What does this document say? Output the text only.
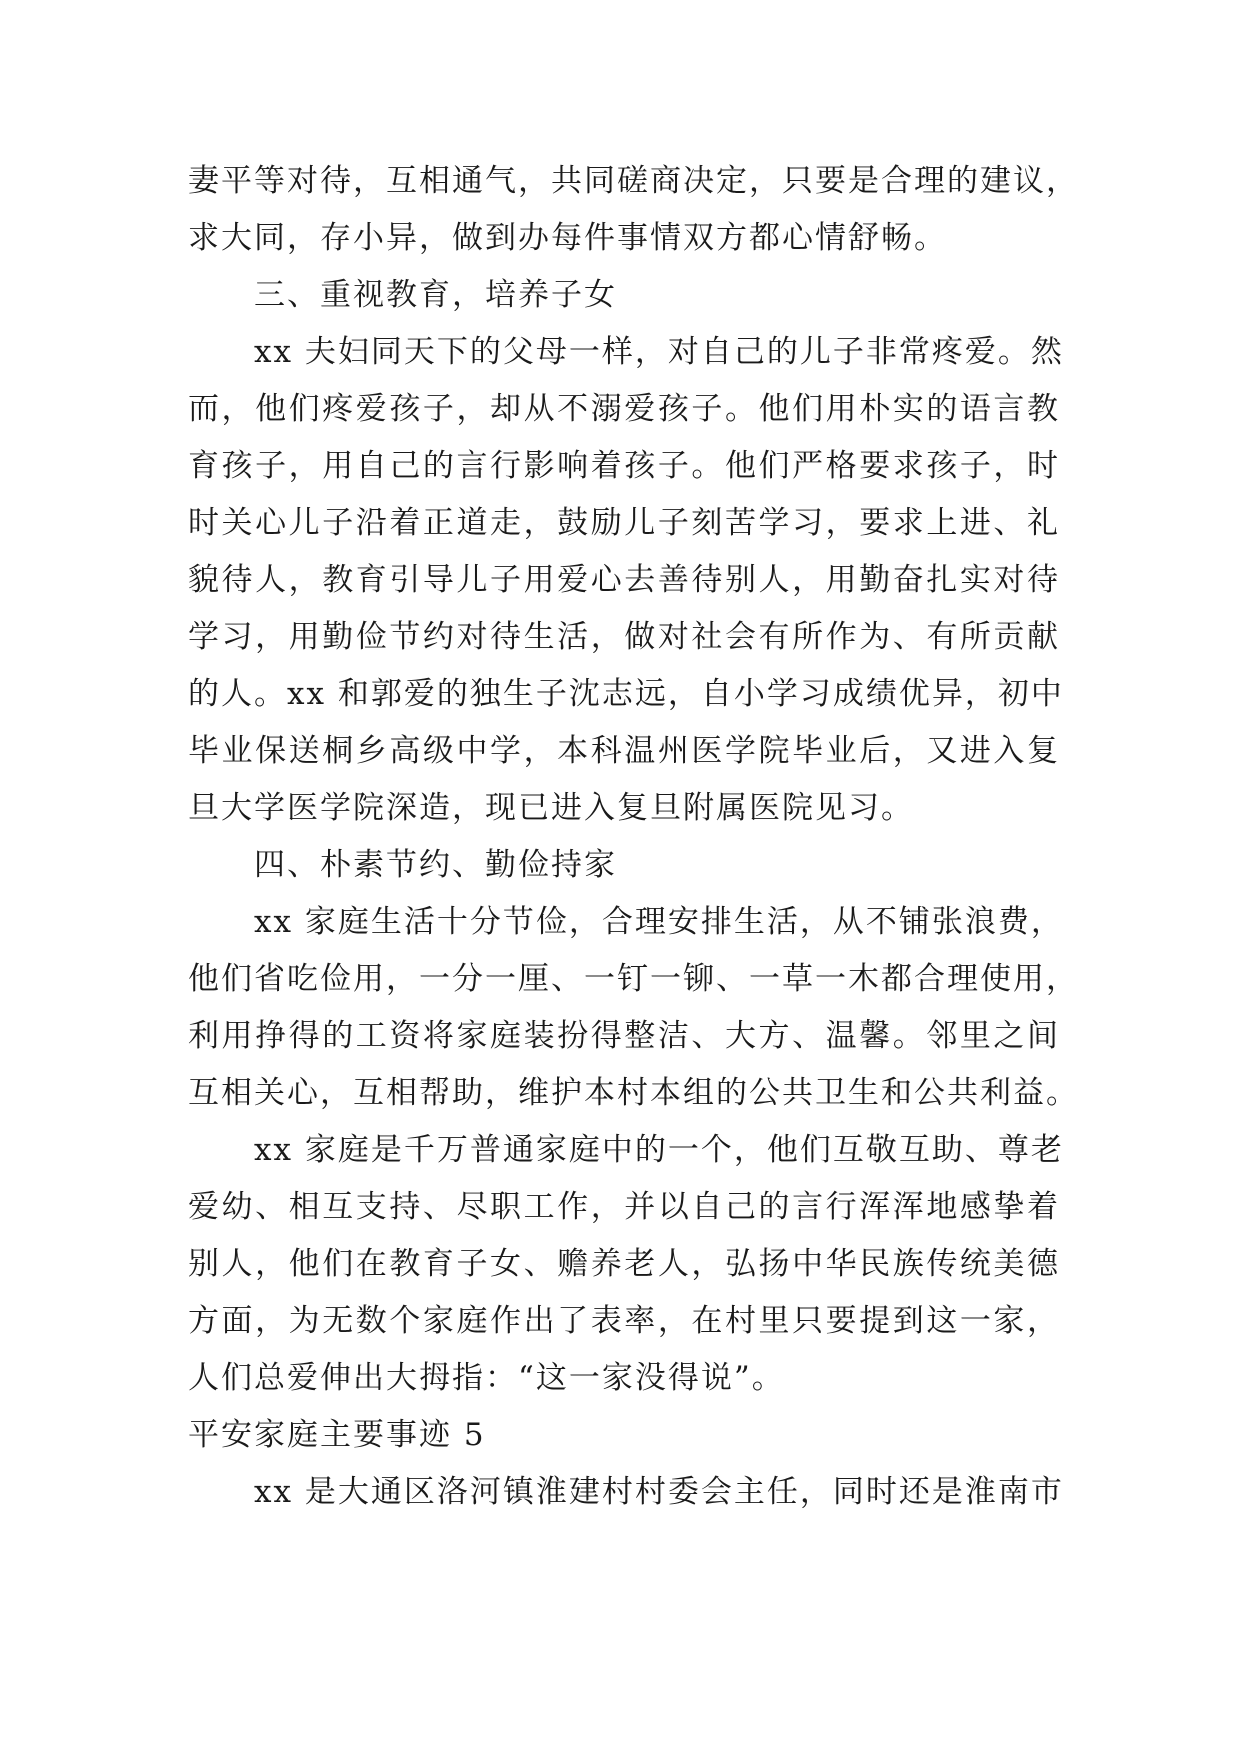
妻平等对待，互相通气，共同磋商决定，只要是合理的建议，
求大同，存小异，做到办每件事情双方都心情舒畅。
三、重视教育，培养子女
xx 夫妇同天下的父母一样，对自己的儿子非常疼爱。然
而，他们疼爱孩子，却从不溺爱孩子。他们用朴实的语言教
育孩子，用自己的言行影响着孩子。他们严格要求孩子，时
时关心儿子沿着正道走，鼓励儿子刻苦学习，要求上进、礼
貌待人，教育引导儿子用爱心去善待别人，用勤奋扎实对待
学习，用勤俭节约对待生活，做对社会有所作为、有所贡献
的人。xx 和郭爱的独生子沈志远，自小学习成绩优异，初中
毕业保送桐乡高级中学，本科温州医学院毕业后，又进入复
旦大学医学院深造，现已进入复旦附属医院见习。
四、朴素节约、勤俭持家
xx 家庭生活十分节俭，合理安排生活，从不铺张浪费，
他们省吃俭用，一分一厘、一钉一铆、一草一木都合理使用，
利用挣得的工资将家庭装扮得整洁、大方、温馨。邻里之间
互相关心，互相帮助，维护本村本组的公共卫生和公共利益。
xx 家庭是千万普通家庭中的一个，他们互敬互助、尊老
爱幼、相互支持、尽职工作，并以自己的言行浑浑地感挚着
别人，他们在教育子女、赡养老人，弘扬中华民族传统美德
方面，为无数个家庭作出了表率，在村里只要提到这一家，
人们总爱伸出大拇指：“这一家没得说”。
平安家庭主要事迹 5
xx 是大通区洛河镇淮建村村委会主任，同时还是淮南市
